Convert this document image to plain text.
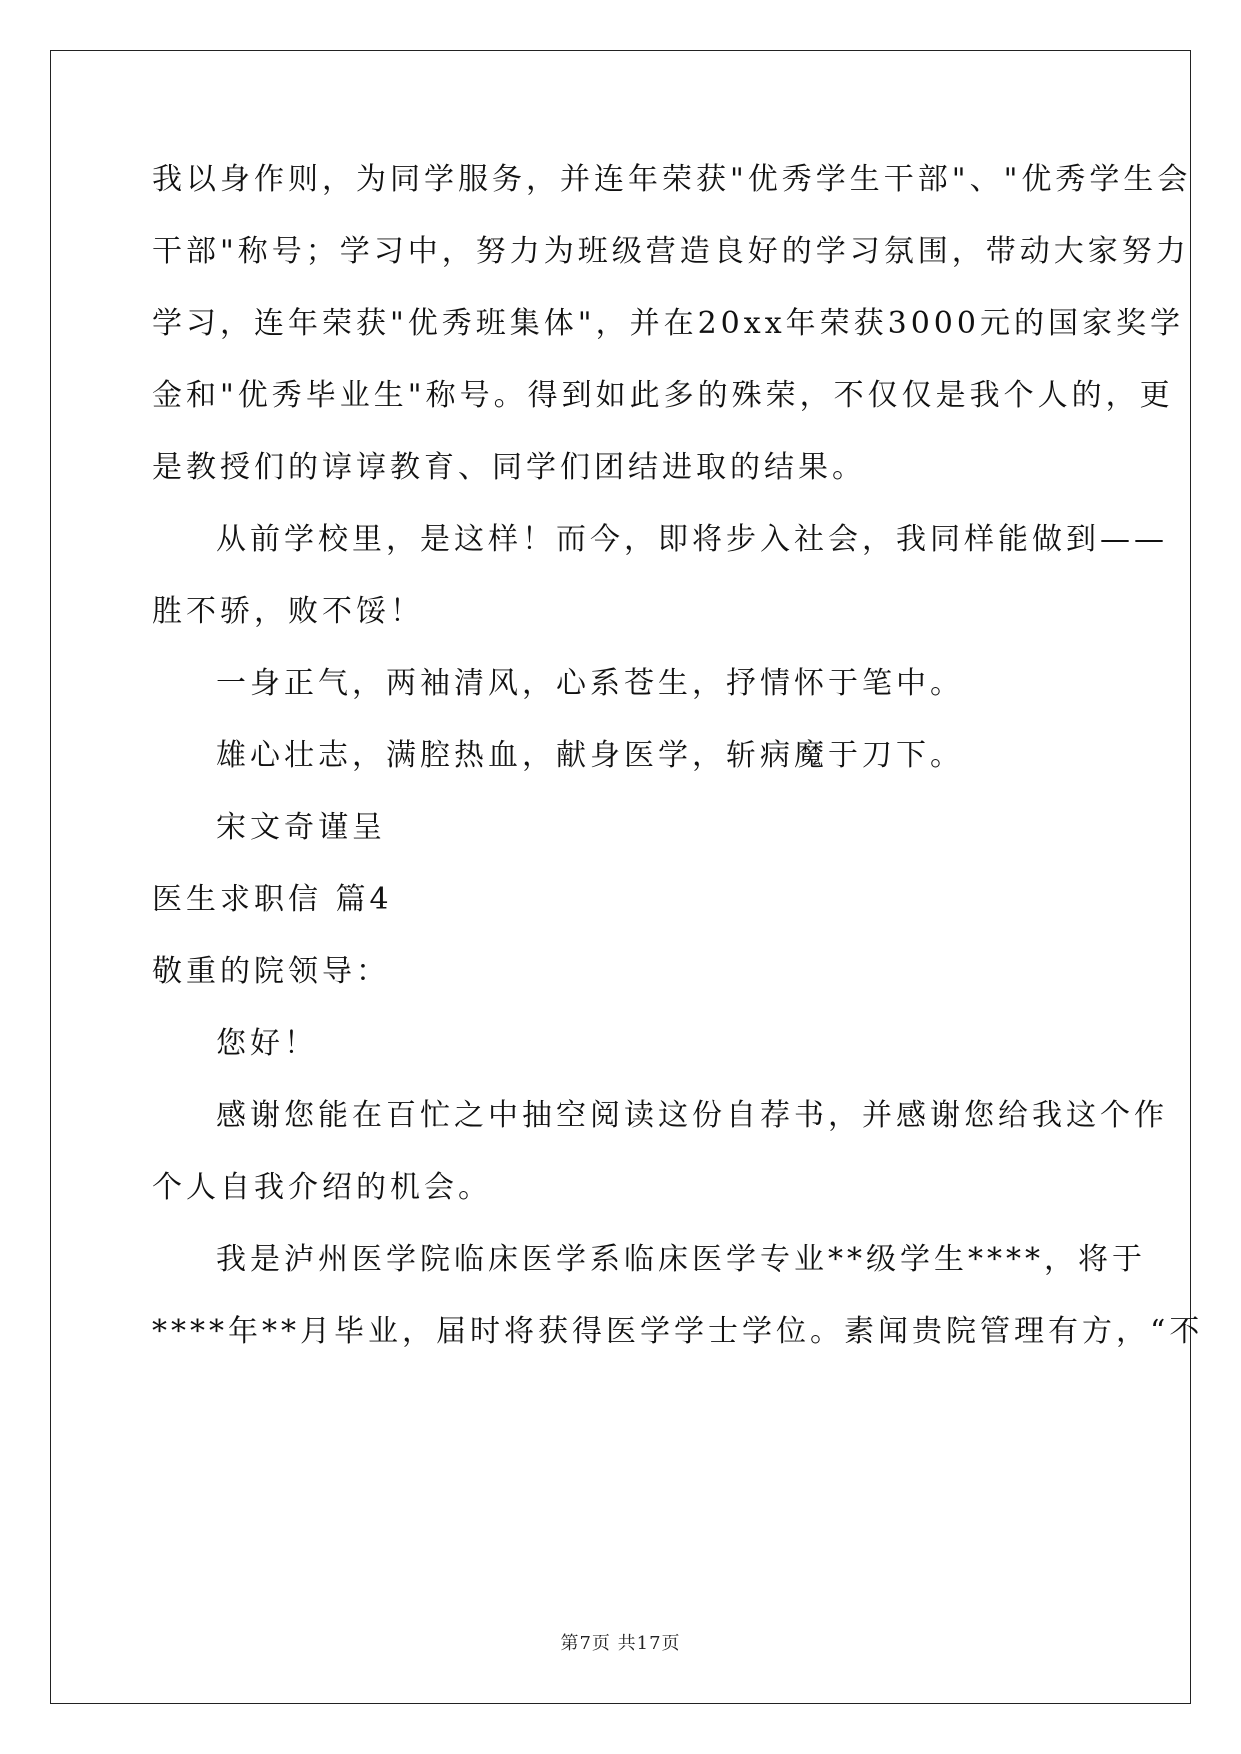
我以身作则，为同学服务，并连年荣获"优秀学生干部"、"优秀学生会
干部"称号；学习中，努力为班级营造良好的学习氛围，带动大家努力
学习，连年荣获"优秀班集体"，并在20xx年荣获3000元的国家奖学
金和"优秀毕业生"称号。得到如此多的殊荣，不仅仅是我个人的，更
是教授们的谆谆教育、同学们团结进取的结果。
从前学校里，是这样！而今，即将步入社会，我同样能做到——
胜不骄，败不馁！
一身正气，两袖清风，心系苍生，抒情怀于笔中。
雄心壮志，满腔热血，献身医学，斩病魔于刀下。
宋文奇谨呈
医生求职信 篇4
敬重的院领导：
您好！
感谢您能在百忙之中抽空阅读这份自荐书，并感谢您给我这个作
个人自我介绍的机会。
我是泸州医学院临床医学系临床医学专业**级学生****，将于
****年**月毕业，届时将获得医学学士学位。素闻贵院管理有方，“不
第7页 共17页
